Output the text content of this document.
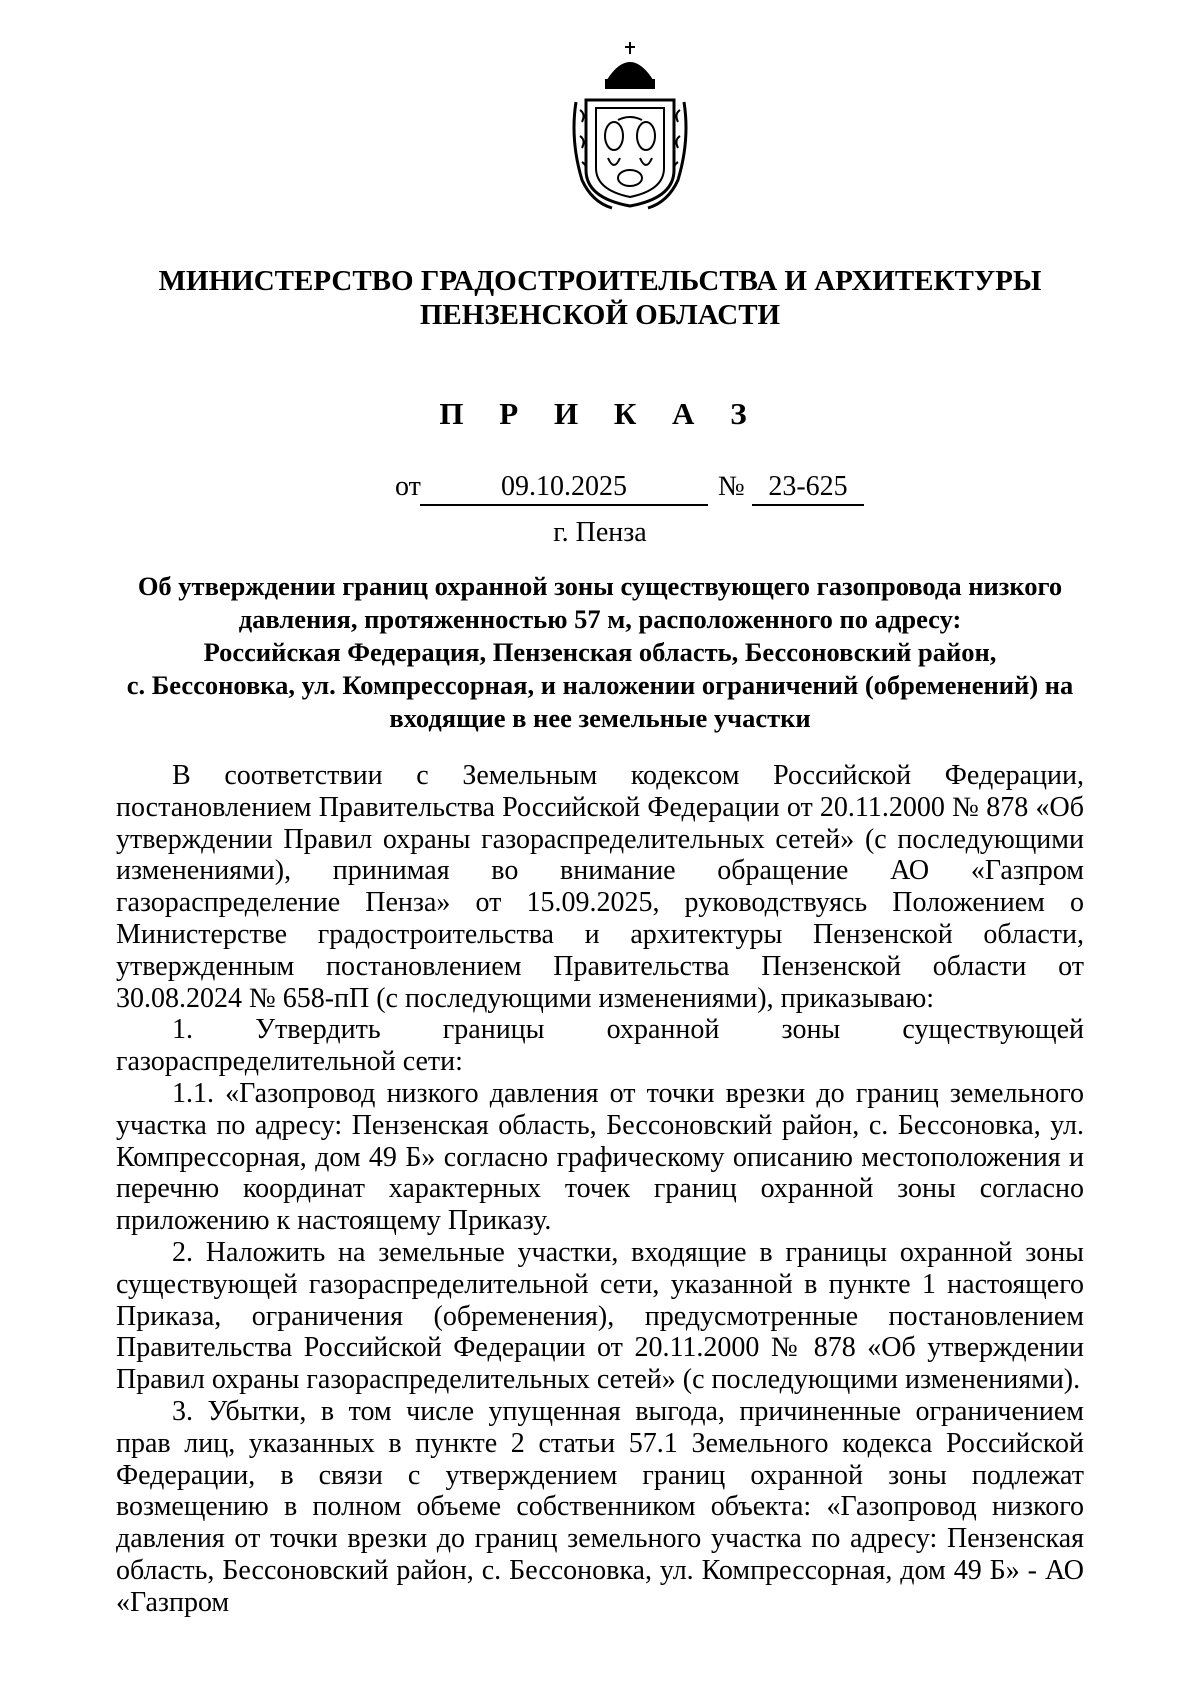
МИНИСТЕРСТВО ГРАДОСТРОИТЕЛЬСТВА И АРХИТЕКТУРЫ
ПЕНЗЕНСКОЙ ОБЛАСТИ
П Р И К А З
от	09.10.2025	№ 23-625
г. Пенза
Об утверждении границ охранной зоны существующего газопровода низкого
давления, протяженностью 57 м, расположенного по адресу:
Российская Федерация, Пензенская область, Бессоновский район,
с. Бессоновка, ул. Компрессорная, и наложении ограничений (обременений) на
входящие в нее земельные участки

В соответствии с Земельным кодексом Российской Федерации, постановлением Правительства Российской Федерации от 20.11.2000 № 878 «Об утверждении Правил охраны газораспределительных сетей» (с последующими изменениями), принимая во внимание обращение АО «Газпром газораспределение Пенза» от 15.09.2025, руководствуясь Положением о Министерстве градостроительства и архитектуры Пензенской области, утвержденным постановлением Правительства Пензенской области от 30.08.2024 № 658-пП (с последующими изменениями), приказываю:

1. Утвердить границы охранной зоны существующей газораспределительной сети:

1.1. «Газопровод низкого давления от точки врезки до границ земельного участка по адресу: Пензенская область, Бессоновский район, с. Бессоновка, ул. Компрессорная, дом 49 Б» согласно графическому описанию местоположения и перечню координат характерных точек границ охранной зоны согласно приложению к настоящему Приказу.

2. Наложить на земельные участки, входящие в границы охранной зоны существующей газораспределительной сети, указанной в пункте 1 настоящего Приказа, ограничения (обременения), предусмотренные постановлением Правительства Российской Федерации от 20.11.2000 № 878 «Об утверждении Правил охраны газораспределительных сетей» (с последующими изменениями).

3. Убытки, в том числе упущенная выгода, причиненные ограничением прав лиц, указанных в пункте 2 статьи 57.1 Земельного кодекса Российской Федерации, в связи с утверждением границ охранной зоны подлежат возмещению в полном объеме собственником объекта: «Газопровод низкого давления от точки врезки до границ земельного участка по адресу: Пензенская область, Бессоновский район, с. Бессоновка, ул. Компрессорная, дом 49 Б» - АО «Газпром
